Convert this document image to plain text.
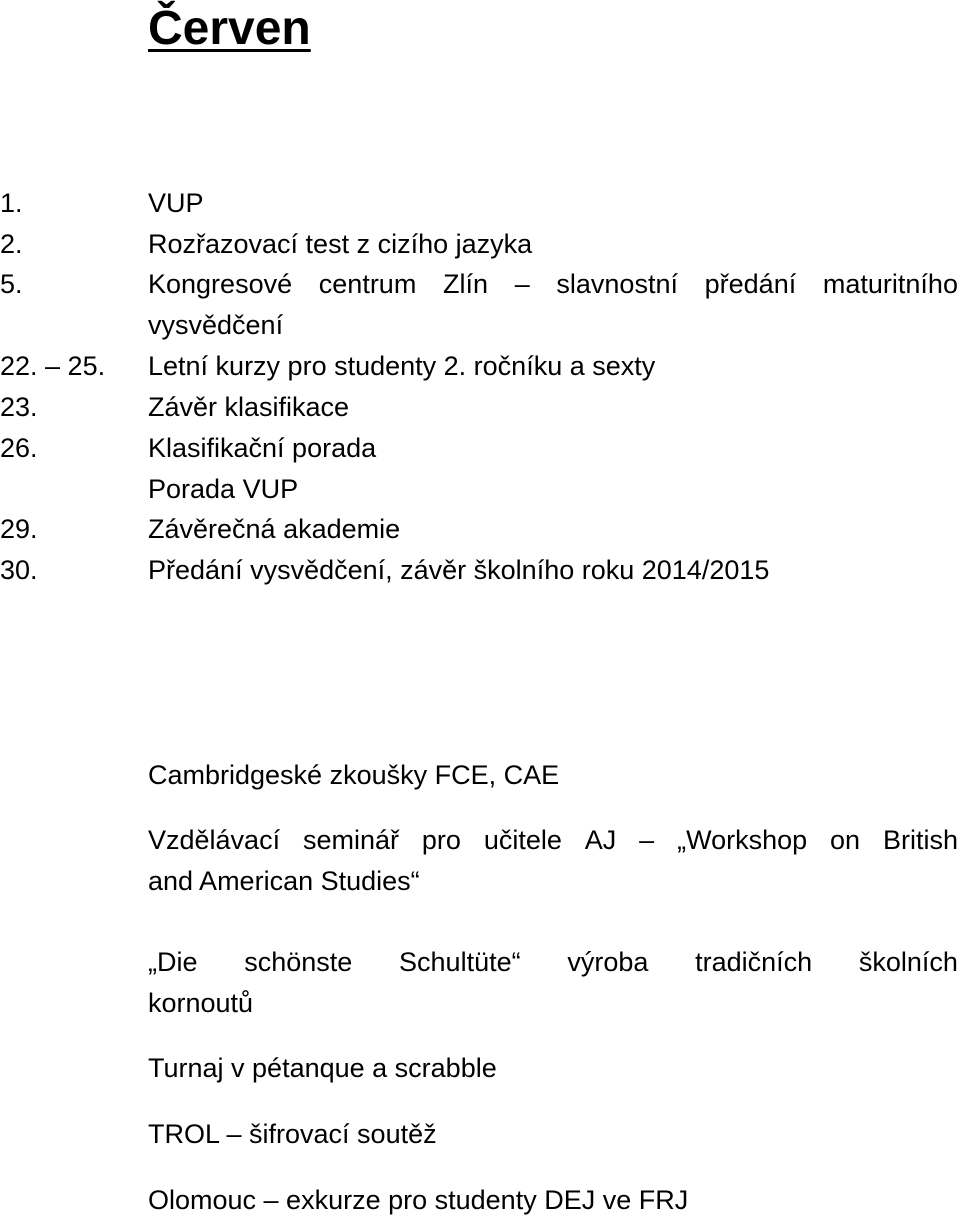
Červen
1.	VUP
2.	Rozřazovací test z cizího jazyka
5.	Kongresové centrum Zlín – slavnostní předání maturitního
vysvědčení
22. – 25. Letní kurzy pro studenty 2. ročníku a sexty
23.	Závěr klasifikace
26.	Klasifikační porada
Porada VUP
29.	Závěrečná akademie
30.	Předání vysvědčení, závěr školního roku 2014/2015
Cambridgeské zkoušky FCE, CAE
Vzdělávací seminář pro učitele AJ – „Workshop on British
and American Studies“
„Die schönste Schultüte“ výroba tradičních školních
kornoutů
Turnaj v pétanque a scrabble
TROL – šifrovací soutěž
Olomouc – exkurze pro studenty DEJ ve FRJ
